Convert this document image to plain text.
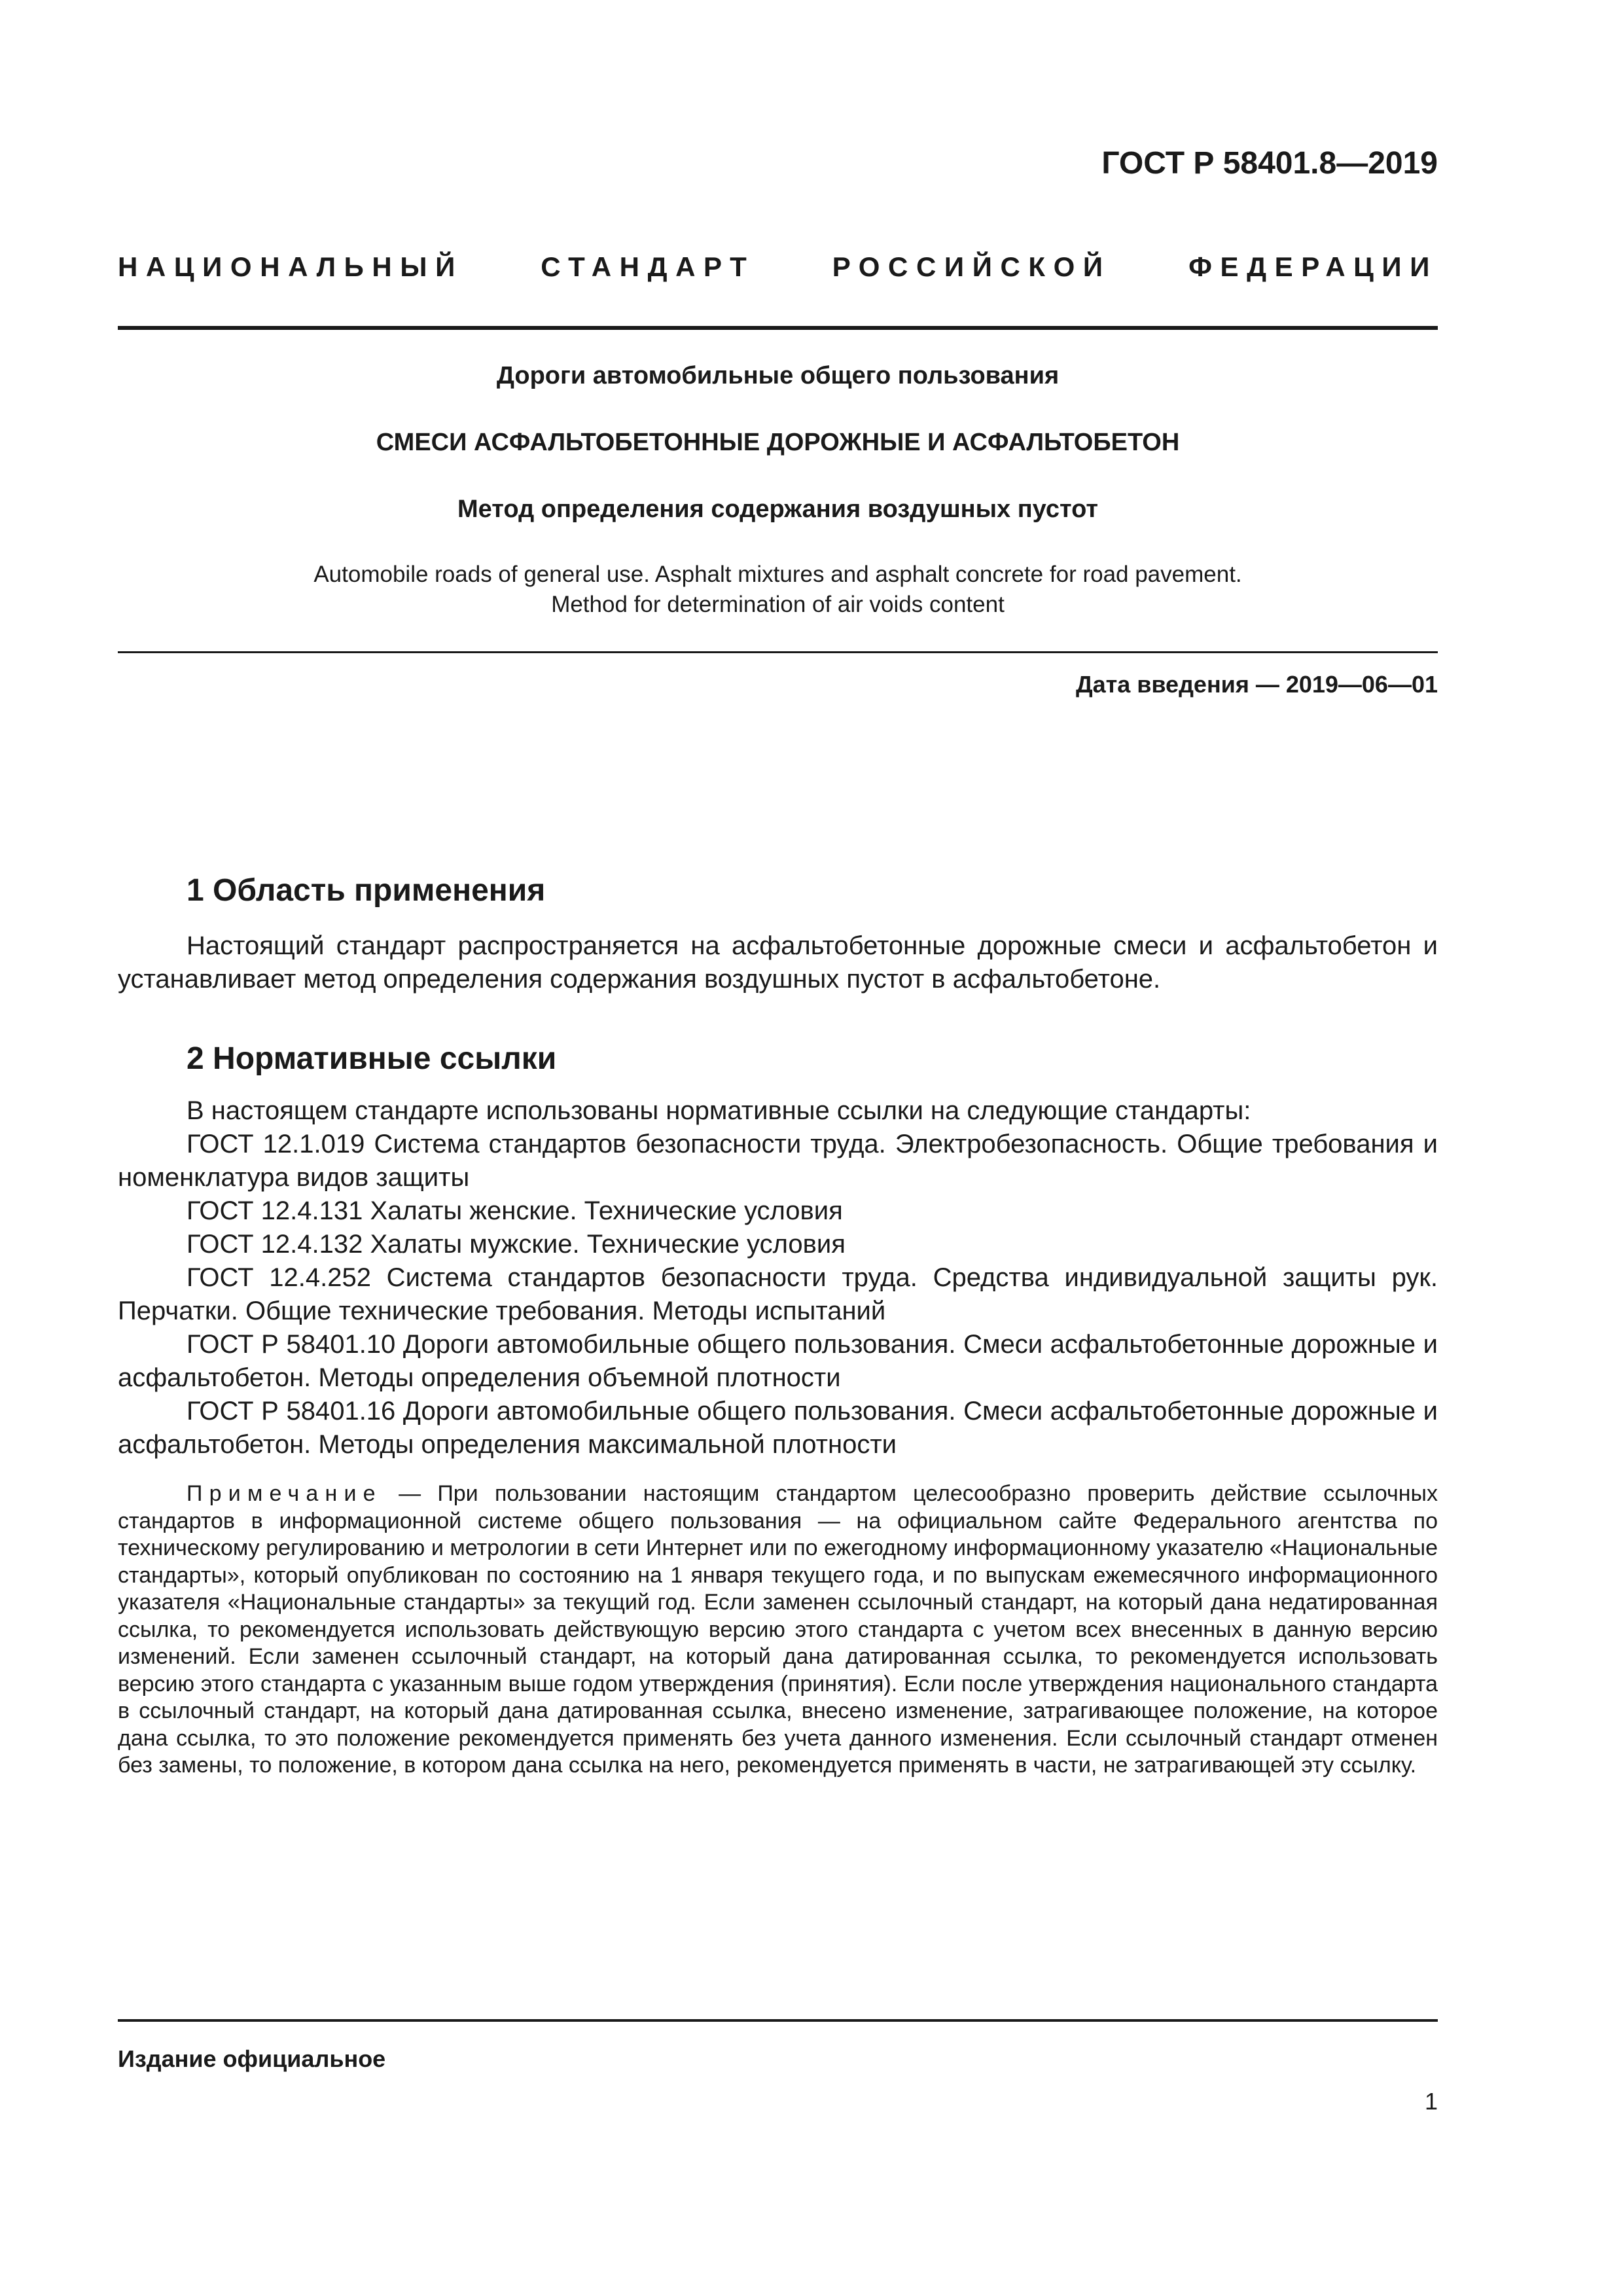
ГОСТ Р 58401.8—2019
НАЦИОНАЛЬНЫЙ	СТАНДАРТ	РОССИЙСКОЙ	ФЕДЕРАЦИИ
Дороги автомобильные общего пользования
СМЕСИ АСФАЛЬТОБЕТОННЫЕ ДОРОЖНЫЕ И АСФАЛЬТОБЕТОН
Метод определения содержания воздушных пустот
Automobile roads of general use. Asphalt mixtures and asphalt concrete for road pavement.
Method for determination of air voids content
Дата введения — 2019—06—01
1 Область применения

Настоящий стандарт распространяется на асфальтобетонные дорожные смеси и асфальтобетон и устанавливает метод определения содержания воздушных пустот в асфальтобетоне.

2 Нормативные ссылки

В настоящем стандарте использованы нормативные ссылки на следующие стандарты:

ГОСТ 12.1.019 Система стандартов безопасности труда. Электробезопасность. Общие требования и номенклатура видов защиты

ГОСТ 12.4.131 Халаты женские. Технические условия

ГОСТ 12.4.132 Халаты мужские. Технические условия

ГОСТ 12.4.252 Система стандартов безопасности труда. Средства индивидуальной защиты рук. Перчатки. Общие технические требования. Методы испытаний

ГОСТ Р 58401.10 Дороги автомобильные общего пользования. Смеси асфальтобетонные дорожные и асфальтобетон. Методы определения объемной плотности

ГОСТ Р 58401.16 Дороги автомобильные общего пользования. Смеси асфальтобетонные дорожные и асфальтобетон. Методы определения максимальной плотности

Примечание — При пользовании настоящим стандартом целесообразно проверить действие ссылочных стандартов в информационной системе общего пользования — на официальном сайте Федерального агентства по техническому регулированию и метрологии в сети Интернет или по ежегодному информационному указателю «Национальные стандарты», который опубликован по состоянию на 1 января текущего года, и по выпускам ежемесячного информационного указателя «Национальные стандарты» за текущий год. Если заменен ссылочный стандарт, на который дана недатированная ссылка, то рекомендуется использовать действующую версию этого стандарта с учетом всех внесенных в данную версию изменений. Если заменен ссылочный стандарт, на который дана датированная ссылка, то рекомендуется использовать версию этого стандарта с указанным выше годом утверждения (принятия). Если после утверждения национального стандарта в ссылочный стандарт, на который дана датированная ссылка, внесено изменение, затрагивающее положение, на которое дана ссылка, то это положение рекомендуется применять без учета данного изменения. Если ссылочный стандарт отменен без замены, то положение, в котором дана ссылка на него, рекомендуется применять в части, не затрагивающей эту ссылку.
Издание официальное
1
